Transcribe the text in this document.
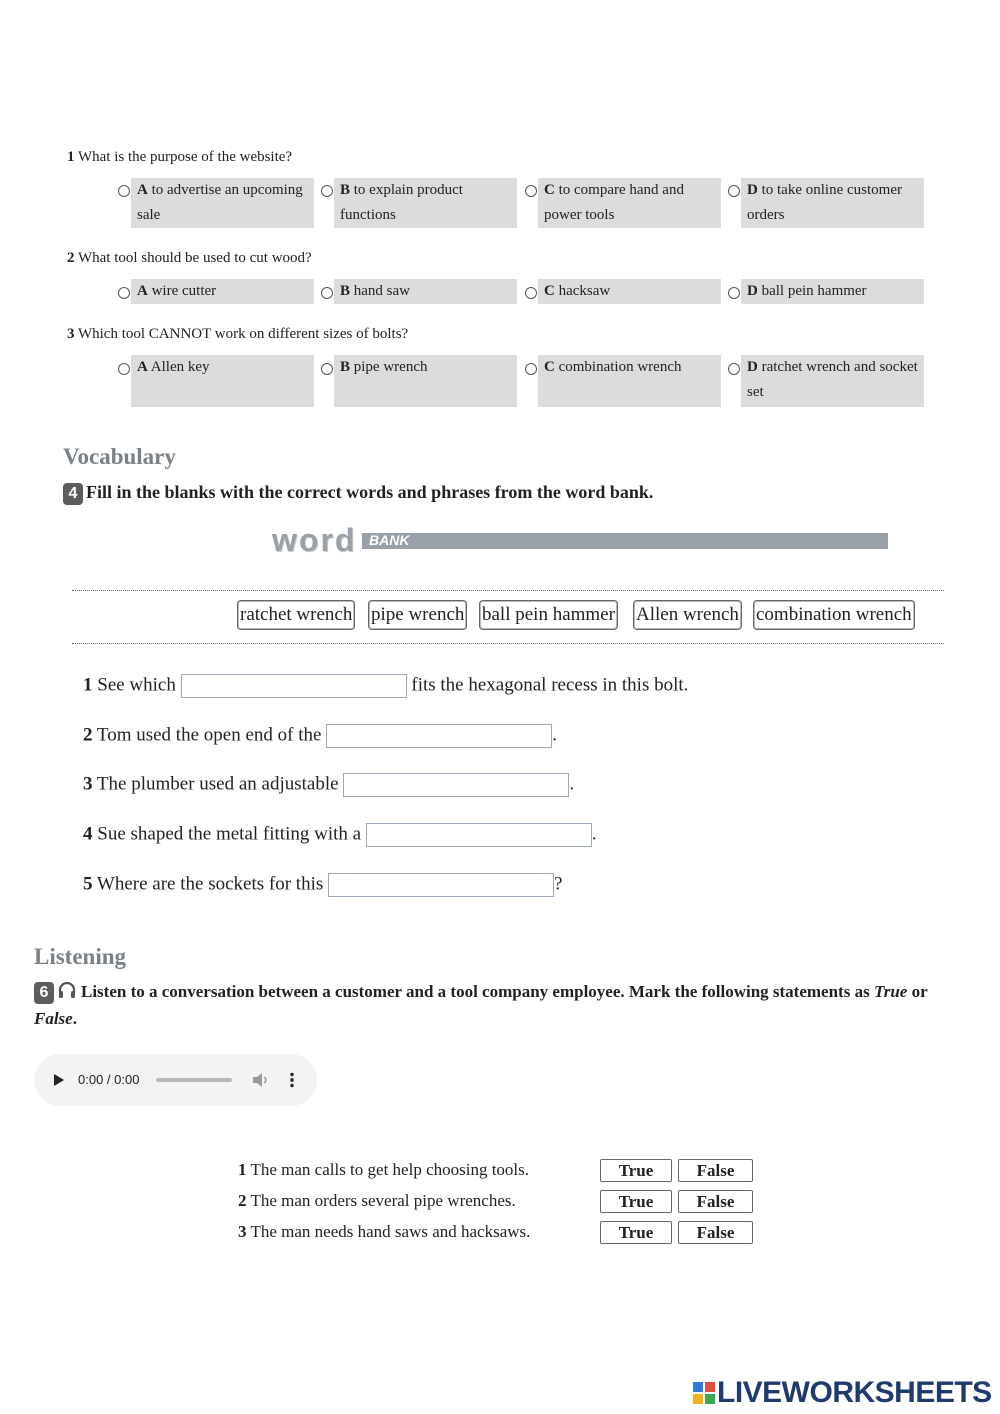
1 What is the purpose of the website?
A to advertise an upcoming sale
B to explain product functions
C to compare hand and power tools
D to take online customer orders
2 What tool should be used to cut wood?
A wire cutter	B hand saw	C hacksaw	D ball pein hammer
3 Which tool CANNOT work on different sizes of bolts?
A Allen key	B pipe wrench	C combination wrench	D ratchet wrench and socket set
Vocabulary
4 Fill in the blanks with the correct words and phrases from the word bank.
BANK
word
ratchet wrench pipe wrench ball pein hammer Allen wrench combination wrench
1 See which	fits the hexagonal recess in this bolt.
2 Tom used the open end of the	.
3 The plumber used an adjustable	.
4 Sue shaped the metal fitting with a	.
5 Where are the sockets for this	?
Listening
6 Listen to a conversation between a customer and a tool company employee. Mark the following statements as True or False.
0:00 / 0:00
1 The man calls to get help choosing tools.	True	False
2 The man orders several pipe wrenches.	True	False
3 The man needs hand saws and hacksaws.	True	False
LIVEWORKSHEETS
